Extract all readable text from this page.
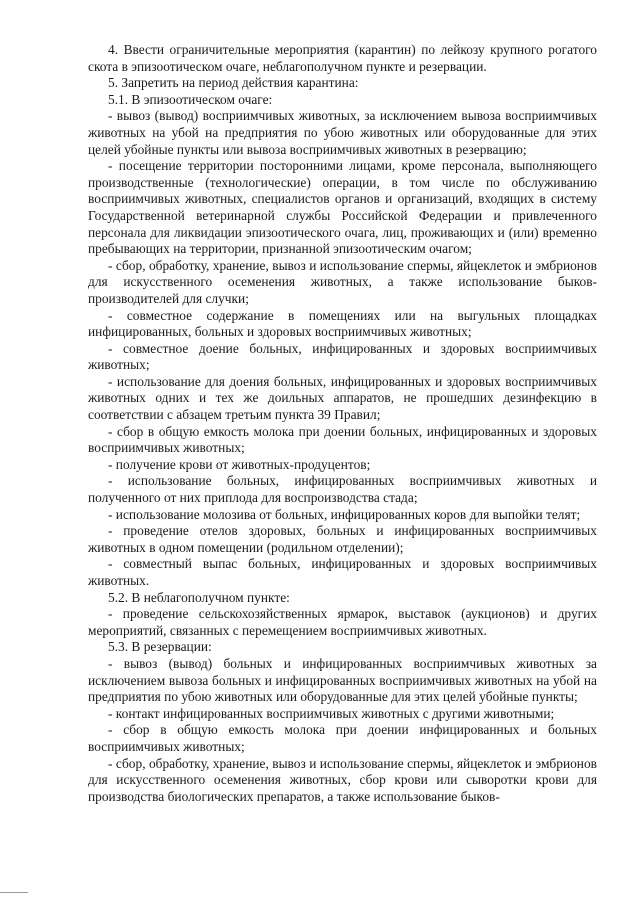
4. Ввести ограничительные мероприятия (карантин) по лейкозу крупного рогатого скота в эпизоотическом очаге, неблагополучном пункте и резервации.

5. Запретить на период действия карантина:

5.1. В эпизоотическом очаге:

- вывоз (вывод) восприимчивых животных, за исключением вывоза восприимчивых животных на убой на предприятия по убою животных или оборудованные для этих целей убойные пункты или вывоза восприимчивых животных в резервацию;

- посещение территории посторонними лицами, кроме персонала, выполняющего производственные (технологические) операции, в том числе по обслуживанию восприимчивых животных, специалистов органов и организаций, входящих в систему Государственной ветеринарной службы Российской Федерации и привлеченного персонала для ликвидации эпизоотического очага, лиц, проживающих и (или) временно пребывающих на территории, признанной эпизоотическим очагом;

- сбор, обработку, хранение, вывоз и использование спермы, яйцеклеток и эмбрионов для искусственного осеменения животных, а также использование быков-производителей для случки;

- совместное содержание в помещениях или на выгульных площадках инфицированных, больных и здоровых восприимчивых животных;

- совместное доение больных, инфицированных и здоровых восприимчивых животных;

- использование для доения больных, инфицированных и здоровых восприимчивых животных одних и тех же доильных аппаратов, не прошедших дезинфекцию в соответствии с абзацем третьим пункта 39 Правил;

- сбор в общую емкость молока при доении больных, инфицированных и здоровых восприимчивых животных;

- получение крови от животных-продуцентов;

- использование больных, инфицированных восприимчивых животных и полученного от них приплода для воспроизводства стада;

- использование молозива от больных, инфицированных коров для выпойки телят;

- проведение отелов здоровых, больных и инфицированных восприимчивых животных в одном помещении (родильном отделении);

- совместный выпас больных, инфицированных и здоровых восприимчивых животных.

5.2. В неблагополучном пункте:

- проведение сельскохозяйственных ярмарок, выставок (аукционов) и других мероприятий, связанных с перемещением восприимчивых животных.

5.3. В резервации:

- вывоз (вывод) больных и инфицированных восприимчивых животных за исключением вывоза больных и инфицированных восприимчивых животных на убой на предприятия по убою животных или оборудованные для этих целей убойные пункты;

- контакт инфицированных восприимчивых животных с другими животными;

- сбор в общую емкость молока при доении инфицированных и больных восприимчивых животных;

- сбор, обработку, хранение, вывоз и использование спермы, яйцеклеток и эмбрионов для искусственного осеменения животных, сбор крови или сыворотки крови для производства биологических препаратов, а также использование быков-
